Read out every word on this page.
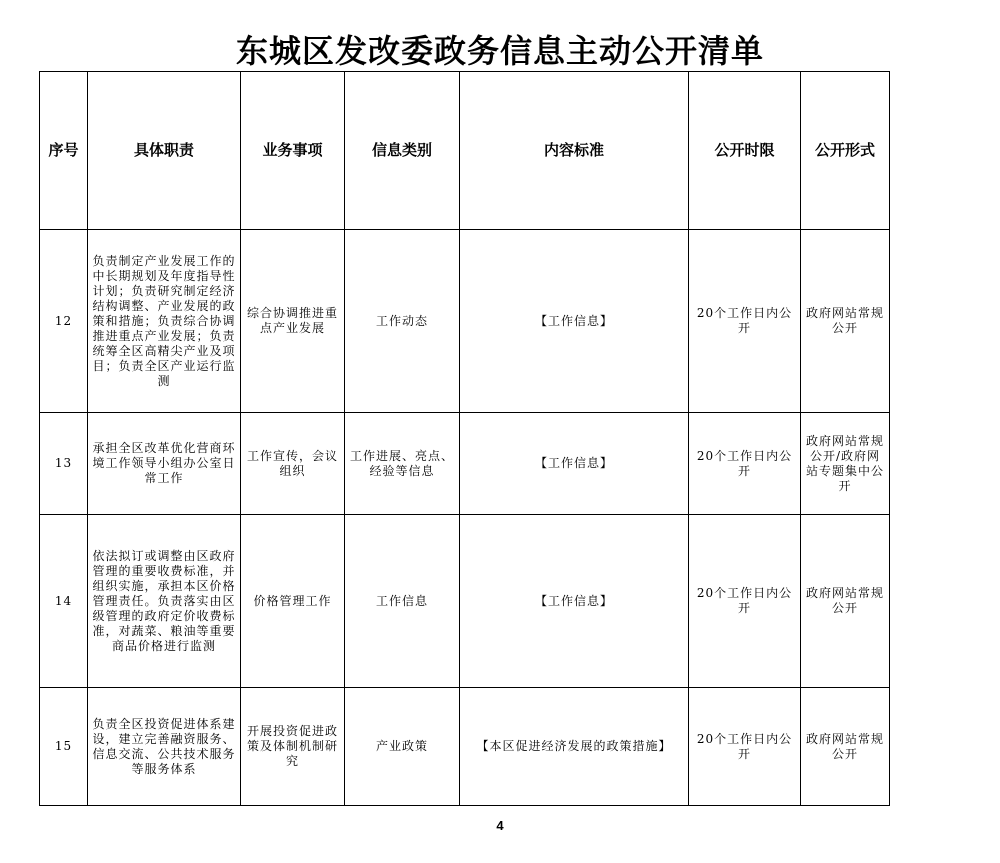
东城区发改委政务信息主动公开清单
序号	具体职责	业务事项	信息类别	内容标准	公开时限	公开形式
12	负责制定产业发展工作的中长期规划及年度指导性计划；负责研究制定经济结构调整、产业发展的政策和措施；负责综合协调推进重点产业发展；负责统筹全区高精尖产业及项目；负责全区产业运行监测	综合协调推进重点产业发展	工作动态	【工作信息】	20个工作日内公开	政府网站常规公开
13	承担全区改革优化营商环境工作领导小组办公室日常工作	工作宣传，会议组织	工作进展、亮点、经验等信息	【工作信息】	20个工作日内公开	政府网站常规公开/政府网站专题集中公开
14	依法拟订或调整由区政府管理的重要收费标准，并组织实施，承担本区价格管理责任。负责落实由区级管理的政府定价收费标准，对蔬菜、粮油等重要商品价格进行监测	价格管理工作	工作信息	【工作信息】	20个工作日内公开	政府网站常规公开
15	负责全区投资促进体系建设，建立完善融资服务、信息交流、公共技术服务等服务体系	开展投资促进政策及体制机制研究	产业政策	【本区促进经济发展的政策措施】	20个工作日内公开	政府网站常规公开
4
